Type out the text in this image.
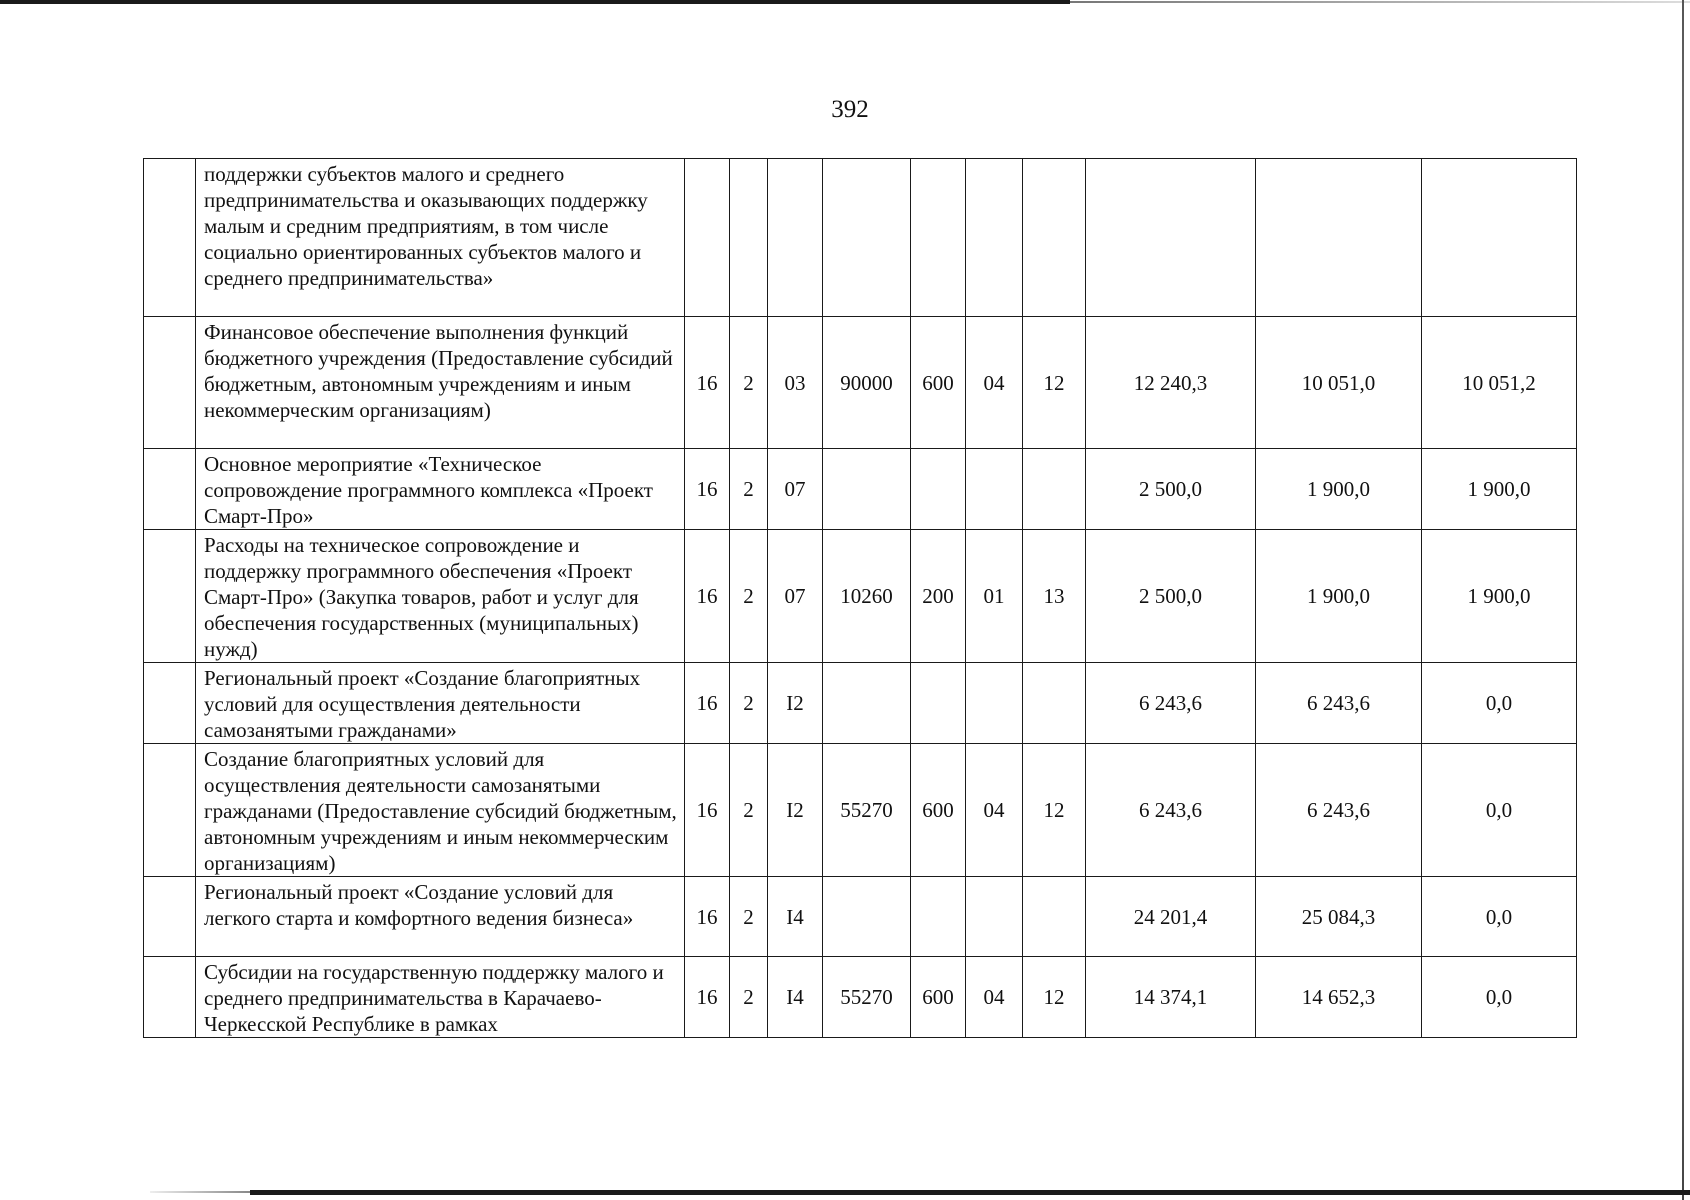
392
	поддержки субъектов малого и среднего предпринимательства и оказывающих поддержку малым и средним предприятиям, в том числе социально ориентированных субъектов малого и среднего предпринимательства»										
	Финансовое обеспечение выполнения функций бюджетного учреждения (Предоставление субсидий бюджетным, автономным учреждениям и иным некоммерческим организациям)	16	2	03	90000	600	04	12	12 240,3	10 051,0	10 051,2
	Основное мероприятие «Техническое сопровождение программного комплекса «Проект Смарт-Про»	16	2	07					2 500,0	1 900,0	1 900,0
	Расходы на техническое сопровождение и поддержку программного обеспечения «Проект Смарт-Про» (Закупка товаров, работ и услуг для обеспечения государственных (муниципальных) нужд)	16	2	07	10260	200	01	13	2 500,0	1 900,0	1 900,0
	Региональный проект «Создание благоприятных условий для осуществления деятельности самозанятыми гражданами»	16	2	I2					6 243,6	6 243,6	0,0
	Создание благоприятных условий для осуществления деятельности самозанятыми гражданами (Предоставление субсидий бюджетным, автономным учреждениям и иным некоммерческим организациям)	16	2	I2	55270	600	04	12	6 243,6	6 243,6	0,0
	Региональный проект «Создание условий для легкого старта и комфортного ведения бизнеса»	16	2	I4					24 201,4	25 084,3	0,0
	Субсидии на государственную поддержку малого и среднего предпринимательства в Карачаево-Черкесской Республике в рамках	16	2	I4	55270	600	04	12	14 374,1	14 652,3	0,0
